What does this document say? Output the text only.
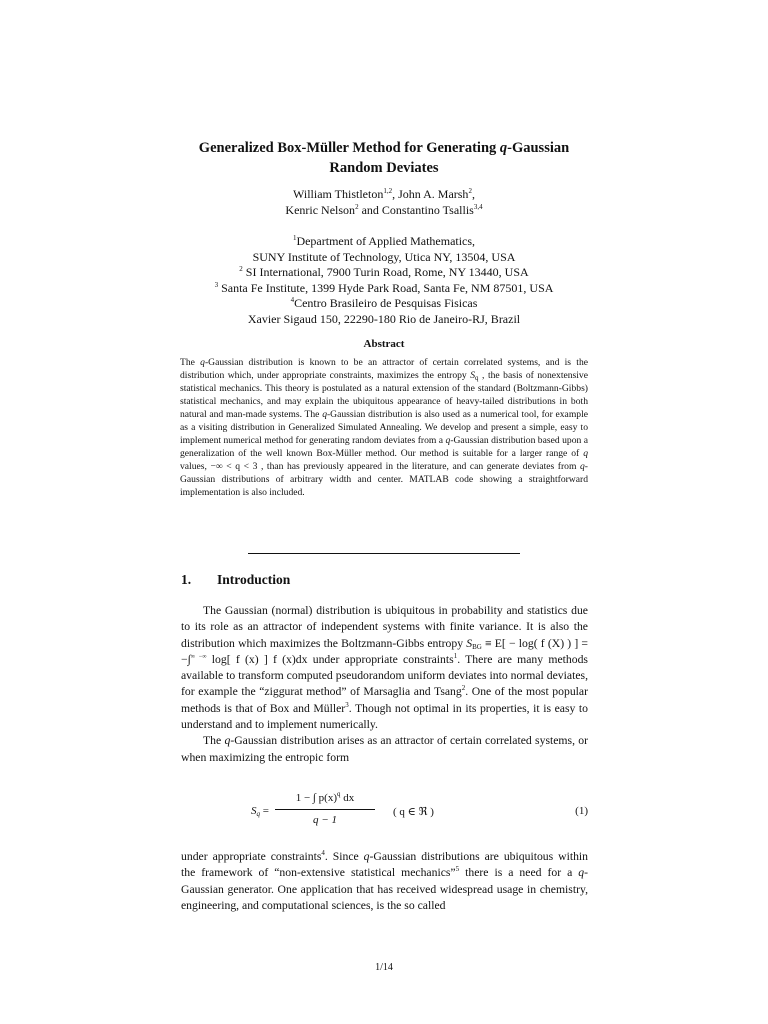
Generalized Box-Müller Method for Generating q-Gaussian
Random Deviates
William Thistleton$^{1,2}$, John A. Marsh$^2$,
Kenric Nelson$^2$ and Constantino Tsallis$^{3,4}$
$^1$Department of Applied Mathematics,
SUNY Institute of Technology, Utica NY, 13504, USA
$^2$ SI International, 7900 Turin Road, Rome, NY 13440, USA
$^3$ Santa Fe Institute, 1399 Hyde Park Road, Santa Fe, NM 87501, USA
$^4$Centro Brasileiro de Pesquisas Fisicas
Xavier Sigaud 150, 22290-180 Rio de Janeiro-RJ, Brazil
Abstract
The q-Gaussian distribution is known to be an attractor of certain correlated systems, and is the distribution which, under appropriate constraints, maximizes the entropy $S_q$ , the basis of nonextensive statistical mechanics. This theory is postulated as a natural extension of the standard (Boltzmann-Gibbs) statistical mechanics, and may explain the ubiquitous appearance of heavy-tailed distributions in both natural and man-made systems. The q-Gaussian distribution is also used as a numerical tool, for example as a visiting distribution in Generalized Simulated Annealing. We develop and present a simple, easy to implement numerical method for generating random deviates from a q-Gaussian distribution based upon a generalization of the well known Box-Müller method. Our method is suitable for a larger range of q values, −∞ < q < 3 , than has previously appeared in the literature, and can generate deviates from q-Gaussian distributions of arbitrary width and center. MATLAB code showing a straightforward implementation is also included.
1. Introduction
The Gaussian (normal) distribution is ubiquitous in probability and statistics due to its role as an attractor of independent systems with finite variance. It is also the distribution which maximizes the Boltzmann-Gibbs entropy $S_{BG} \equiv E[ - \log$( f (X) ) ] = −∫∞ −∞ log[ f (x) ] f (x)dx under appropriate constraints$^1$. There are many methods available to transform computed pseudorandom uniform deviates into normal deviates, for example the “ziggurat method” of Marsaglia and Tsang$^2$. One of the most popular methods is that of Box and Müller$^3$. Though not optimal in its properties, it is easy to understand and to implement numerically.
The q-Gaussian distribution arises as an attractor of certain correlated systems, or when maximizing the entropic form
$S_q$ =
1 − ∫ $p(x)^q$ dx
q − 1
( q ∈ ℜ )	(1)
under appropriate constraints$^4$. Since q-Gaussian distributions are ubiquitous within the framework of “non-extensive statistical mechanics”$^5$ there is a need for a q-Gaussian generator. One application that has received widespread usage in chemistry, engineering, and computational sciences, is the so called
1/14
